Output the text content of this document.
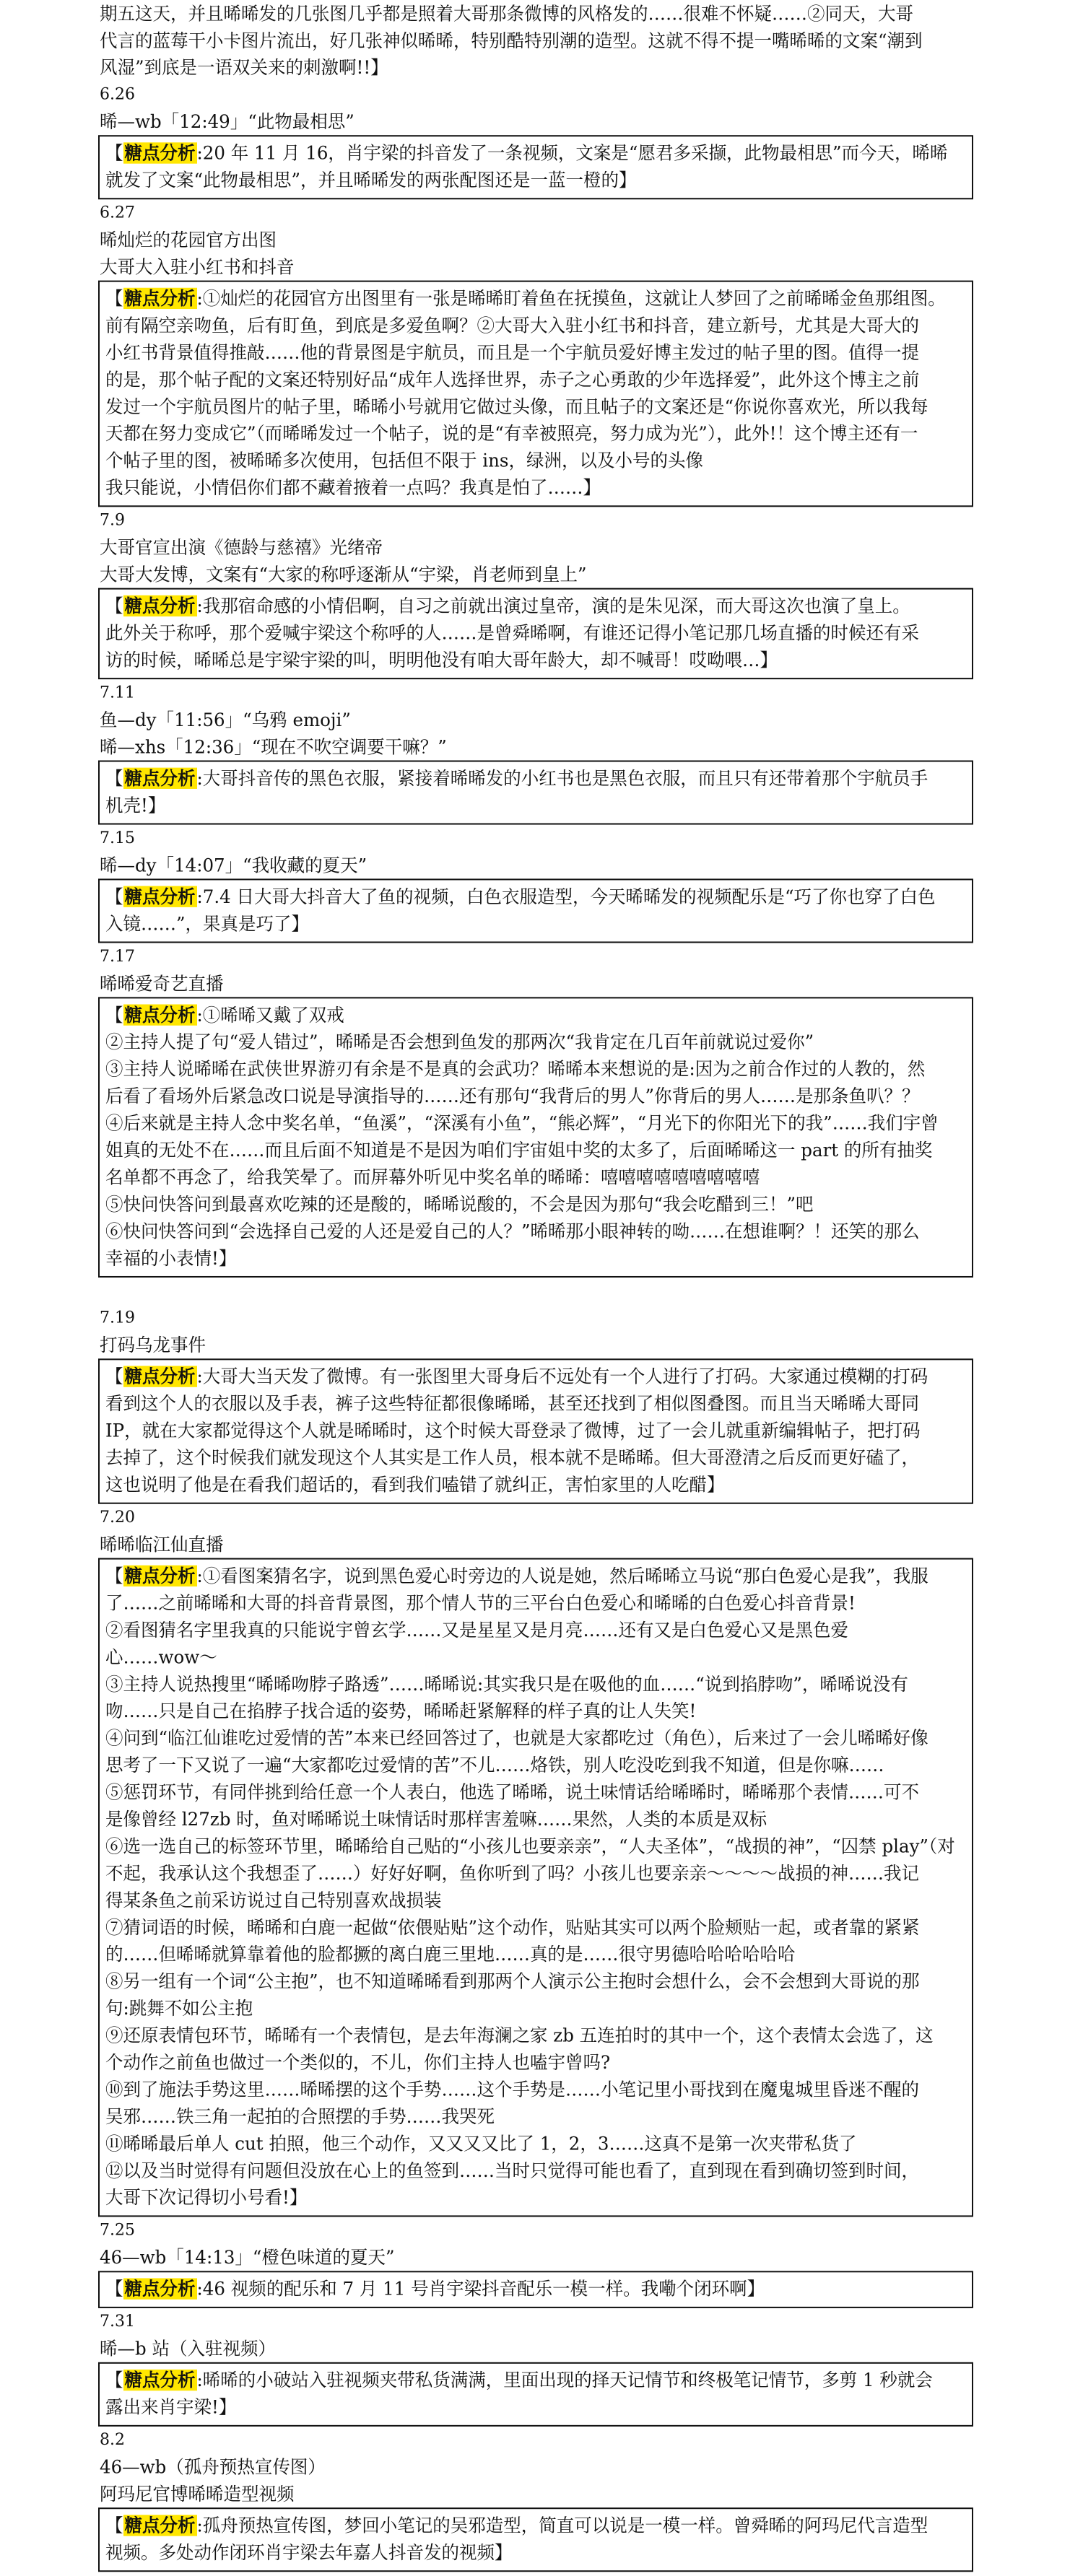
期五这天，并且晞晞发的几张图几乎都是照着大哥那条微博的风格发的……很难不怀疑……②同天，大哥
代言的蓝莓干小卡图片流出，好几张神似晞晞，特别酷特别潮的造型。这就不得不提一嘴晞晞的文案“潮到
风湿”到底是一语双关来的刺激啊!!】
6.26
晞—wb「12:49」“此物最相思”
【糖点分析:20 年 11 月 16，肖宇梁的抖音发了一条视频，文案是“愿君多采撷，此物最相思”而今天，晞晞
就发了文案“此物最相思”，并且晞晞发的两张配图还是一蓝一橙的】
6.27
晞灿烂的花园官方出图
大哥大入驻小红书和抖音
【糖点分析:①灿烂的花园官方出图里有一张是晞晞盯着鱼在抚摸鱼，这就让人梦回了之前晞晞金鱼那组图。
前有隔空亲吻鱼，后有盯鱼，到底是多爱鱼啊？②大哥大入驻小红书和抖音，建立新号，尤其是大哥大的
小红书背景值得推敲……他的背景图是宇航员，而且是一个宇航员爱好博主发过的帖子里的图。值得一提
的是，那个帖子配的文案还特别好品“成年人选择世界，赤子之心勇敢的少年选择爱”，此外这个博主之前
发过一个宇航员图片的帖子里，晞晞小号就用它做过头像，而且帖子的文案还是“你说你喜欢光，所以我每
天都在努力变成它”（而晞晞发过一个帖子，说的是“有幸被照亮，努力成为光”），此外!！这个博主还有一
个帖子里的图，被晞晞多次使用，包括但不限于 ins，绿洲，以及小号的头像
我只能说，小情侣你们都不藏着掖着一点吗？我真是怕了……】
7.9
大哥官宣出演《德龄与慈禧》光绪帝
大哥大发博，文案有“大家的称呼逐渐从“宇梁，肖老师到皇上”
【糖点分析:我那宿命感的小情侣啊，自习之前就出演过皇帝，演的是朱见深，而大哥这次也演了皇上。
此外关于称呼，那个爱喊宇梁这个称呼的人……是曾舜晞啊，有谁还记得小笔记那几场直播的时候还有采
访的时候，晞晞总是宇梁宇梁的叫，明明他没有咱大哥年龄大，却不喊哥！哎呦喂…】
7.11
鱼—dy「11:56」“乌鸦 emoji”
晞—xhs「12:36」“现在不吹空调要干嘛？”
【糖点分析:大哥抖音传的黑色衣服，紧接着晞晞发的小红书也是黑色衣服，而且只有还带着那个宇航员手
机壳!】
7.15
晞—dy「14:07」“我收藏的夏天”
【糖点分析:7.4 日大哥大抖音大了鱼的视频，白色衣服造型，今天晞晞发的视频配乐是“巧了你也穿了白色
入镜……”，果真是巧了】
7.17
晞晞爱奇艺直播
【糖点分析:①晞晞又戴了双戒
②主持人提了句“爱人错过”，晞晞是否会想到鱼发的那两次“我肯定在几百年前就说过爱你”
③主持人说晞晞在武侠世界游刃有余是不是真的会武功？晞晞本来想说的是:因为之前合作过的人教的，然
后看了看场外后紧急改口说是导演指导的……还有那句“我背后的男人”你背后的男人……是那条鱼叭？？
④后来就是主持人念中奖名单，“鱼溪”，“深溪有小鱼”，“熊必辉”，“月光下的你阳光下的我”……我们宇曾
姐真的无处不在……而且后面不知道是不是因为咱们宇宙姐中奖的太多了，后面晞晞这一 part 的所有抽奖
名单都不再念了，给我笑晕了。而屏幕外听见中奖名单的晞晞：嘻嘻嘻嘻嘻嘻嘻嘻嘻
⑤快问快答问到最喜欢吃辣的还是酸的，晞晞说酸的，不会是因为那句“我会吃醋到三！”吧
⑥快问快答问到“会选择自己爱的人还是爱自己的人？”晞晞那小眼神转的呦……在想谁啊？！还笑的那么
幸福的小表情!】

7.19
打码乌龙事件
【糖点分析:大哥大当天发了微博。有一张图里大哥身后不远处有一个人进行了打码。大家通过模糊的打码
看到这个人的衣服以及手表，裤子这些特征都很像晞晞，甚至还找到了相似图叠图。而且当天晞晞大哥同
IP，就在大家都觉得这个人就是晞晞时，这个时候大哥登录了微博，过了一会儿就重新编辑帖子，把打码
去掉了，这个时候我们就发现这个人其实是工作人员，根本就不是晞晞。但大哥澄清之后反而更好磕了，
这也说明了他是在看我们超话的，看到我们嗑错了就纠正，害怕家里的人吃醋】
7.20
晞晞临江仙直播
【糖点分析:①看图案猜名字，说到黑色爱心时旁边的人说是她，然后晞晞立马说“那白色爱心是我”，我服
了……之前晞晞和大哥的抖音背景图，那个情人节的三平台白色爱心和晞晞的白色爱心抖音背景!
②看图猜名字里我真的只能说宇曾玄学……又是星星又是月亮……还有又是白色爱心又是黑色爱
心……wow～
③主持人说热搜里“晞晞吻脖子路透”……晞晞说:其实我只是在吸他的血……“说到掐脖吻”，晞晞说没有
吻……只是自己在掐脖子找合适的姿势，晞晞赶紧解释的样子真的让人失笑!
④问到“临江仙谁吃过爱情的苦”本来已经回答过了，也就是大家都吃过（角色），后来过了一会儿晞晞好像
思考了一下又说了一遍“大家都吃过爱情的苦”不儿……烙铁，别人吃没吃到我不知道，但是你嘛……
⑤惩罚环节，有同伴挑到给任意一个人表白，他选了晞晞，说土味情话给晞晞时，晞晞那个表情……可不
是像曾经 l27zb 时，鱼对晞晞说土味情话时那样害羞嘛……果然，人类的本质是双标
⑥选一选自己的标签环节里，晞晞给自己贴的“小孩儿也要亲亲”，“人夫圣体”，“战损的神”，“囚禁 play”（对
不起，我承认这个我想歪了……）好好好啊，鱼你听到了吗？小孩儿也要亲亲～～～～战损的神……我记
得某条鱼之前采访说过自己特别喜欢战损装
⑦猜词语的时候，晞晞和白鹿一起做“依偎贴贴”这个动作，贴贴其实可以两个脸颊贴一起，或者靠的紧紧
的……但晞晞就算靠着他的脸都撅的离白鹿三里地……真的是……很守男德哈哈哈哈哈哈
⑧另一组有一个词“公主抱”，也不知道晞晞看到那两个人演示公主抱时会想什么，会不会想到大哥说的那
句:跳舞不如公主抱
⑨还原表情包环节，晞晞有一个表情包，是去年海澜之家 zb 五连拍时的其中一个，这个表情太会选了，这
个动作之前鱼也做过一个类似的，不儿，你们主持人也嗑宇曾吗?
⑩到了施法手势这里……晞晞摆的这个手势……这个手势是……小笔记里小哥找到在魔鬼城里昏迷不醒的
吴邪……铁三角一起拍的合照摆的手势……我哭死
⑪晞晞最后单人 cut 拍照，他三个动作，又又又又比了 1，2，3……这真不是第一次夹带私货了
⑫以及当时觉得有问题但没放在心上的鱼签到……当时只觉得可能也看了，直到现在看到确切签到时间，
大哥下次记得切小号看!】
7.25
46—wb「14:13」“橙色味道的夏天”
【糖点分析:46 视频的配乐和 7 月 11 号肖宇梁抖音配乐一模一样。我嘞个闭环啊】
7.31
晞—b 站（入驻视频）
【糖点分析:晞晞的小破站入驻视频夹带私货满满，里面出现的择天记情节和终极笔记情节，多剪 1 秒就会
露出来肖宇梁!】
8.2
46—wb（孤舟预热宣传图）
阿玛尼官博晞晞造型视频
【糖点分析:孤舟预热宣传图，梦回小笔记的吴邪造型，简直可以说是一模一样。曾舜晞的阿玛尼代言造型
视频。多处动作闭环肖宇梁去年嘉人抖音发的视频】
